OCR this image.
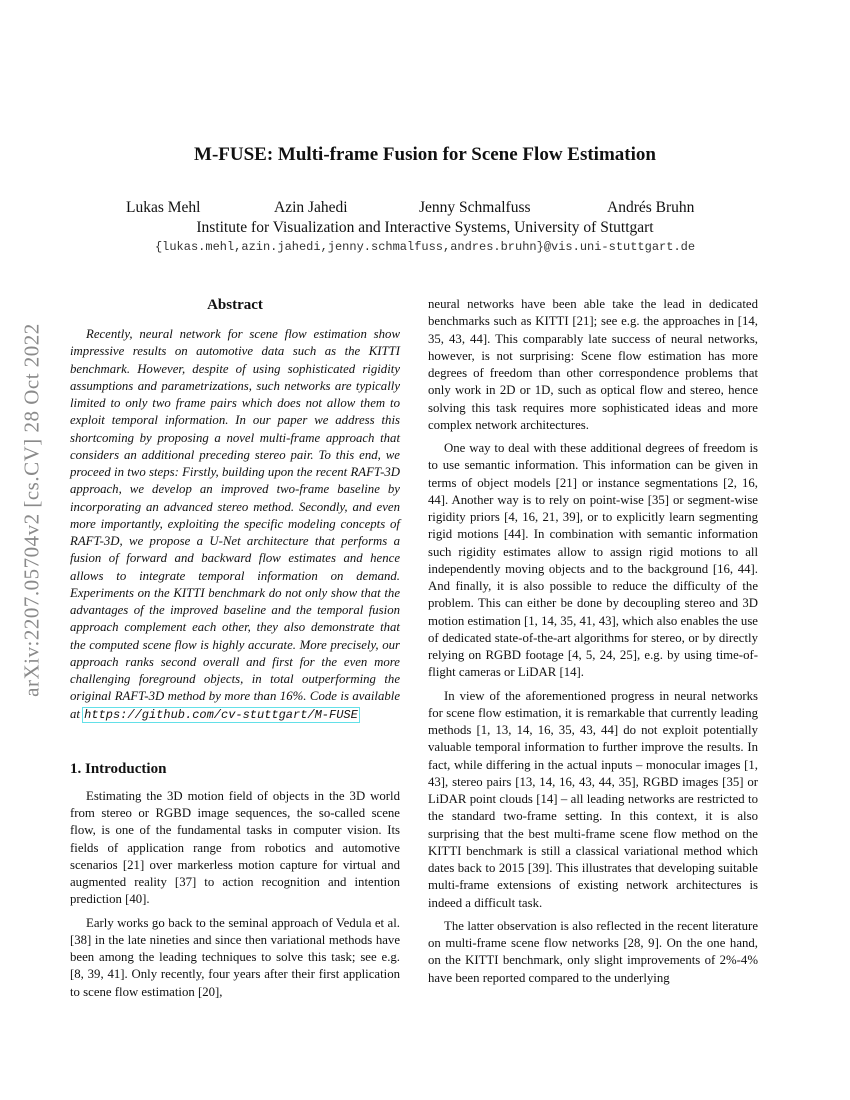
arXiv:2207.05704v2 [cs.CV] 28 Oct 2022
M-FUSE: Multi-frame Fusion for Scene Flow Estimation
Lukas Mehl	Azin Jahedi	Jenny Schmalfuss	Andrés Bruhn
Institute for Visualization and Interactive Systems, University of Stuttgart
{lukas.mehl,azin.jahedi,jenny.schmalfuss,andres.bruhn}@vis.uni-stuttgart.de
Abstract

Recently, neural network for scene flow estimation show impressive results on automotive data such as the KITTI benchmark. However, despite of using sophisticated rigidity assumptions and parametrizations, such networks are typically limited to only two frame pairs which does not allow them to exploit temporal information. In our paper we address this shortcoming by proposing a novel multi-frame approach that considers an additional preceding stereo pair. To this end, we proceed in two steps: Firstly, building upon the recent RAFT-3D approach, we develop an improved two-frame baseline by incorporating an advanced stereo method. Secondly, and even more importantly, exploiting the specific modeling concepts of RAFT-3D, we propose a U-Net architecture that performs a fusion of forward and backward flow estimates and hence allows to integrate temporal information on demand. Experiments on the KITTI benchmark do not only show that the advantages of the improved baseline and the temporal fusion approach complement each other, they also demonstrate that the computed scene flow is highly accurate. More precisely, our approach ranks second overall and first for the even more challenging foreground objects, in total outperforming the original RAFT-3D method by more than 16%. Code is available at https://github.com/cv-stuttgart/M-FUSE

1. Introduction

Estimating the 3D motion field of objects in the 3D world from stereo or RGBD image sequences, the so-called scene flow, is one of the fundamental tasks in computer vision. Its fields of application range from robotics and automotive scenarios [21] over markerless motion capture for virtual and augmented reality [37] to action recognition and intention prediction [40].

Early works go back to the seminal approach of Vedula et al. [38] in the late nineties and since then variational methods have been among the leading techniques to solve this task; see e.g. [8, 39, 41]. Only recently, four years after their first application to scene flow estimation [20],

neural networks have been able take the lead in dedicated benchmarks such as KITTI [21]; see e.g. the approaches in [14, 35, 43, 44]. This comparably late success of neural networks, however, is not surprising: Scene flow estimation has more degrees of freedom than other correspondence problems that only work in 2D or 1D, such as optical flow and stereo, hence solving this task requires more sophisticated ideas and more complex network architectures.

One way to deal with these additional degrees of freedom is to use semantic information. This information can be given in terms of object models [21] or instance segmentations [2, 16, 44]. Another way is to rely on point-wise [35] or segment-wise rigidity priors [4, 16, 21, 39], or to explicitly learn segmenting rigid motions [44]. In combination with semantic information such rigidity estimates allow to assign rigid motions to all independently moving objects and to the background [16, 44]. And finally, it is also possible to reduce the difficulty of the problem. This can either be done by decoupling stereo and 3D motion estimation [1, 14, 35, 41, 43], which also enables the use of dedicated state-of-the-art algorithms for stereo, or by directly relying on RGBD footage [4, 5, 24, 25], e.g. by using time-of-flight cameras or LiDAR [14].

In view of the aforementioned progress in neural networks for scene flow estimation, it is remarkable that currently leading methods [1, 13, 14, 16, 35, 43, 44] do not exploit potentially valuable temporal information to further improve the results. In fact, while differing in the actual inputs – monocular images [1, 43], stereo pairs [13, 14, 16, 43, 44, 35], RGBD images [35] or LiDAR point clouds [14] – all leading networks are restricted to the standard two-frame setting. In this context, it is also surprising that the best multi-frame scene flow method on the KITTI benchmark is still a classical variational method which dates back to 2015 [39]. This illustrates that developing suitable multi-frame extensions of existing network architectures is indeed a difficult task.

The latter observation is also reflected in the recent literature on multi-frame scene flow networks [28, 9]. On the one hand, on the KITTI benchmark, only slight improvements of 2%-4% have been reported compared to the underlying
